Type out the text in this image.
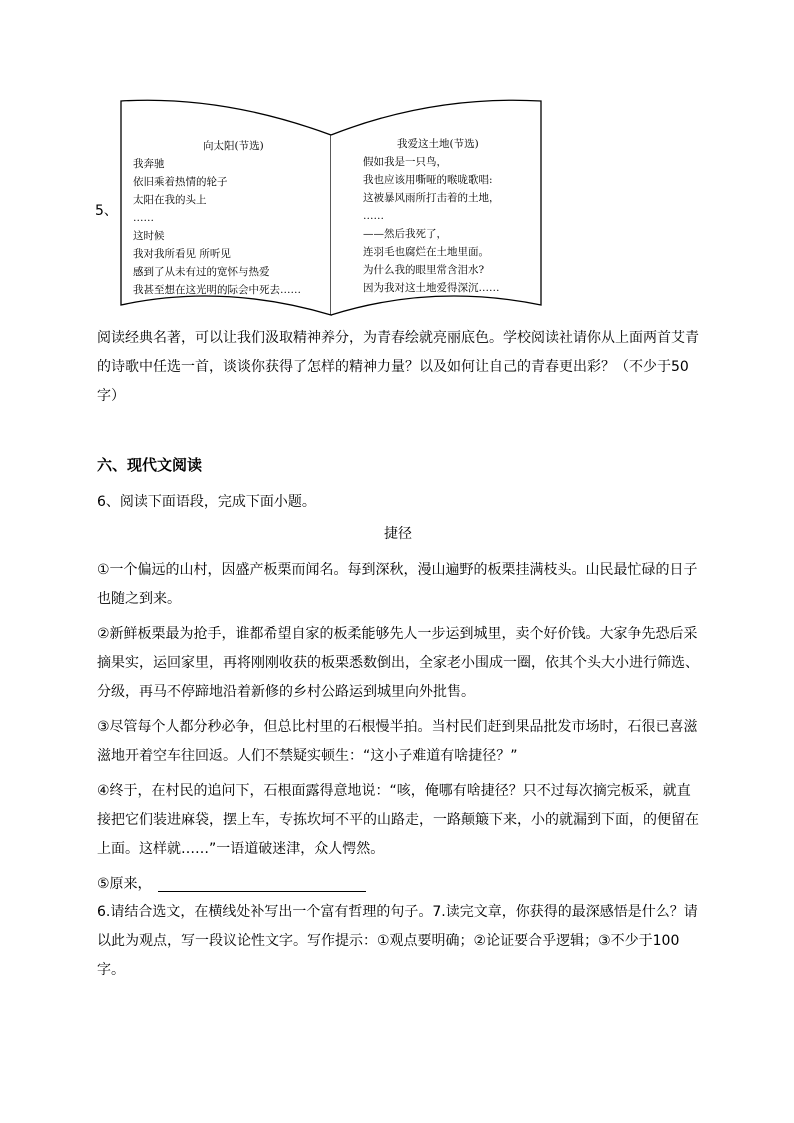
5、
向太阳(节选)
我奔驰
依旧乘着热情的轮子
太阳在我的头上
……
这时候
我对我所看见 所听见
感到了从未有过的宽怀与热爱
我甚至想在这光明的际会中死去……
我爱这土地(节选)
假如我是一只鸟，
我也应该用嘶哑的喉咙歌唱:
这被暴风雨所打击着的土地，
……
——然后我死了，
连羽毛也腐烂在土地里面。
为什么我的眼里常含泪水?
因为我对这土地爱得深沉……
阅读经典名著，可以让我们汲取精神养分，为青春绘就亮丽底色。学校阅读社请你从上面两首艾青的诗歌中任选一首，谈谈你获得了怎样的精神力量？以及如何让自己的青春更出彩？（不少于50字）
六、现代文阅读
6、阅读下面语段，完成下面小题。
捷径

①一个偏远的山村，因盛产板栗而闻名。每到深秋，漫山遍野的板栗挂满枝头。山民最忙碌的日子也随之到来。

②新鲜板栗最为抢手，谁都希望自家的板柔能够先人一步运到城里，卖个好价钱。大家争先恐后采摘果实，运回家里，再将刚刚收获的板栗悉数倒出，全家老小围成一圈，依其个头大小进行筛选、分级，再马不停蹄地沿着新修的乡村公路运到城里向外批售。

③尽管每个人都分秒必争，但总比村里的石根慢半拍。当村民们赶到果品批发市场时，石很已喜滋滋地开着空车往回返。人们不禁疑实顿生：“这小子难道有啥捷径？”

④终于，在村民的追问下，石根面露得意地说：“咳，俺哪有啥捷径？只不过每次摘完板采，就直接把它们装进麻袋，摆上车，专拣坎坷不平的山路走，一路颠簸下来，小的就漏到下面，的便留在上面。这样就……”一语道破迷津，众人愕然。

⑤原来，

6.请结合选文，在横线处补写出一个富有哲理的句子。7.读完文章，你获得的最深感悟是什么？请以此为观点，写一段议论性文字。写作提示：①观点要明确；②论证要合乎逻辑；③不少于100字。
